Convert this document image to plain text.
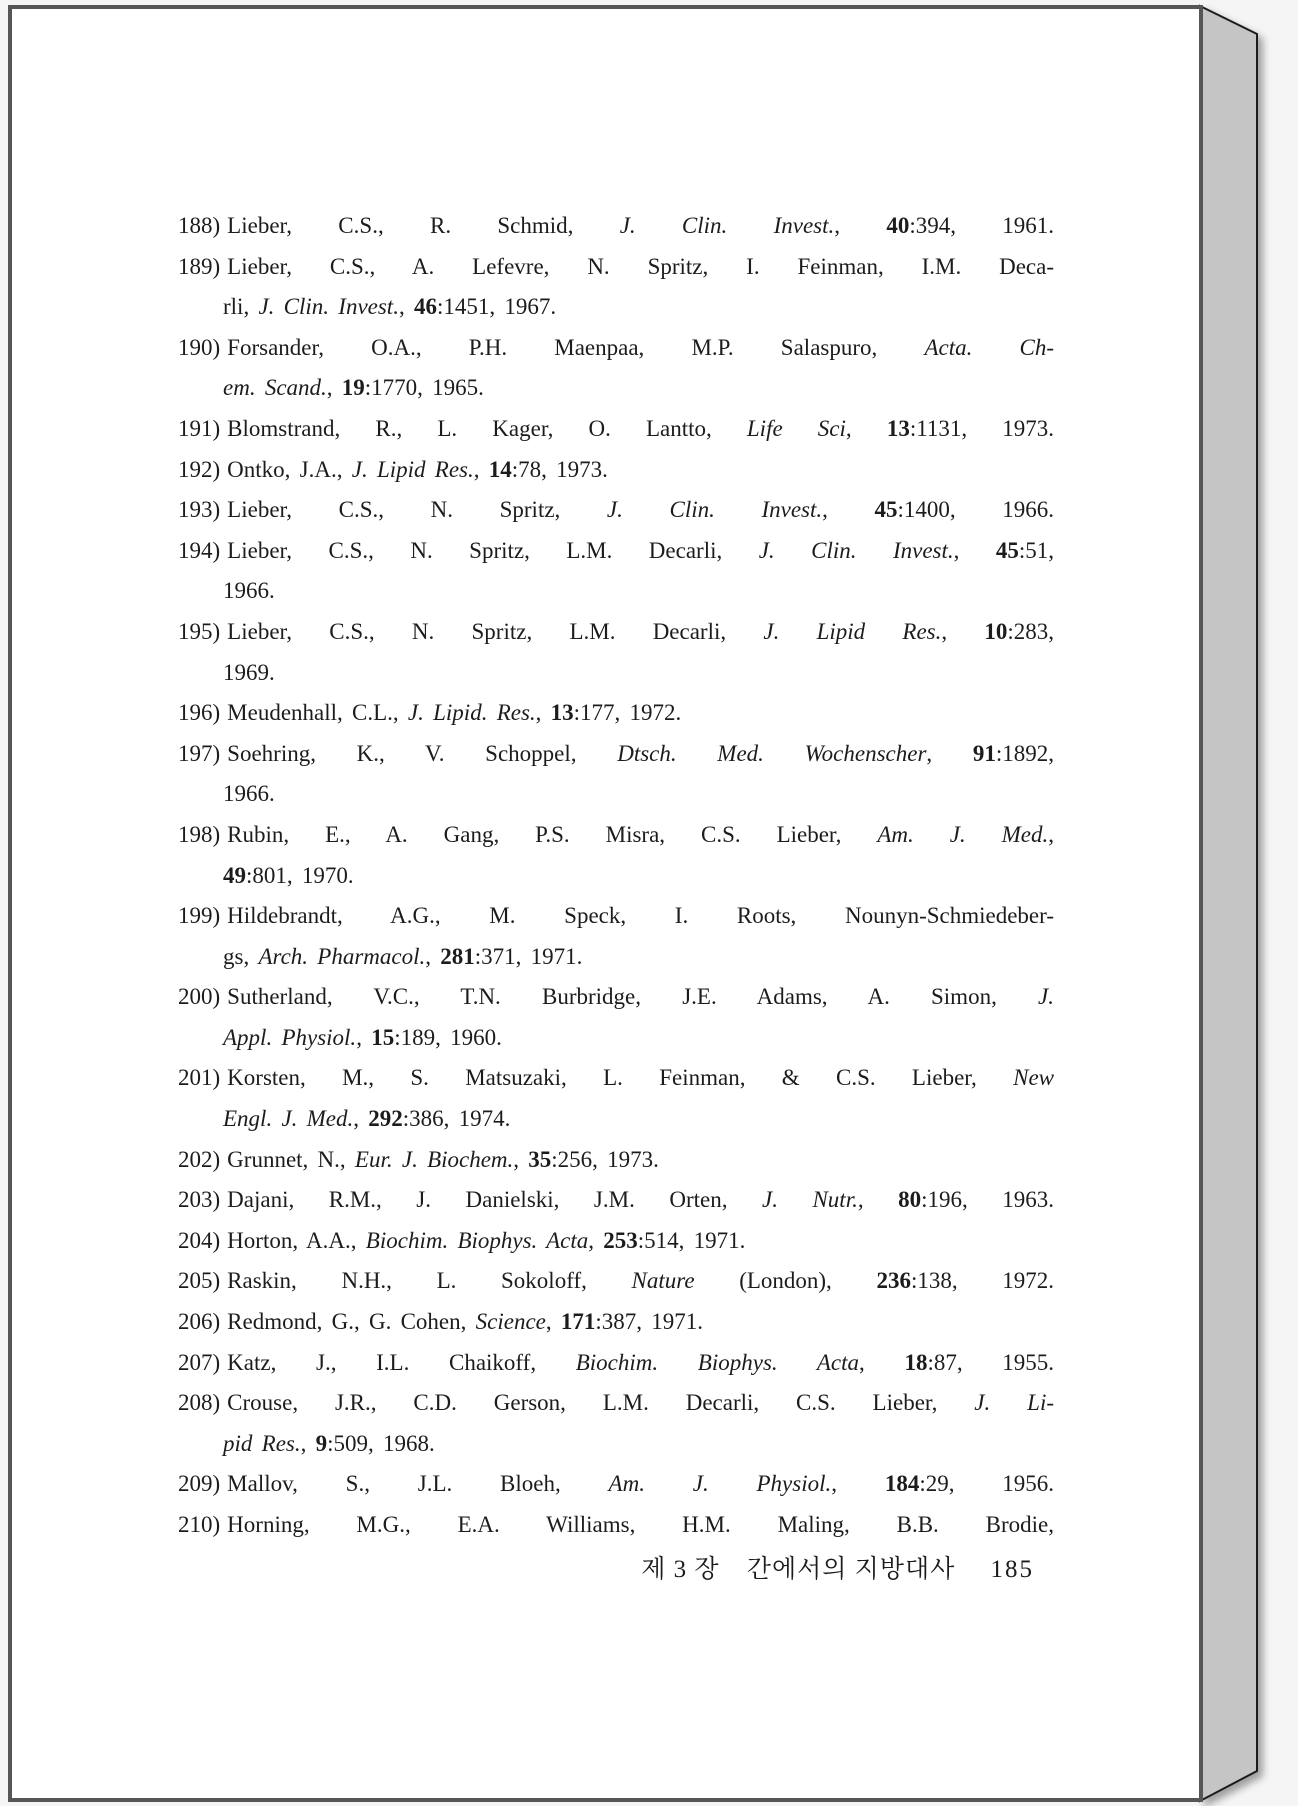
188) Lieber, C.S., R. Schmid, J. Clin. Invest., 40:394, 1961.
189) Lieber, C.S., A. Lefevre, N. Spritz, I. Feinman, I.M. Deca-
rli, J. Clin. Invest., 46:1451, 1967.
190) Forsander, O.A., P.H. Maenpaa, M.P. Salaspuro, Acta. Ch-
em. Scand., 19:1770, 1965.
191) Blomstrand, R., L. Kager, O. Lantto, Life Sci, 13:1131, 1973.
192) Ontko, J.A., J. Lipid Res., 14:78, 1973.
193) Lieber, C.S., N. Spritz, J. Clin. Invest., 45:1400, 1966.
194) Lieber, C.S., N. Spritz, L.M. Decarli, J. Clin. Invest., 45:51,
1966.
195) Lieber, C.S., N. Spritz, L.M. Decarli, J. Lipid Res., 10:283,
1969.
196) Meudenhall, C.L., J. Lipid. Res., 13:177, 1972.
197) Soehring, K., V. Schoppel, Dtsch. Med. Wochenscher, 91:1892,
1966.
198) Rubin, E., A. Gang, P.S. Misra, C.S. Lieber, Am. J. Med.,
49:801, 1970.
199) Hildebrandt, A.G., M. Speck, I. Roots, Nounyn-Schmiedeber-
gs, Arch. Pharmacol., 281:371, 1971.
200) Sutherland, V.C., T.N. Burbridge, J.E. Adams, A. Simon, J.
Appl. Physiol., 15:189, 1960.
201) Korsten, M., S. Matsuzaki, L. Feinman, & C.S. Lieber, New
Engl. J. Med., 292:386, 1974.
202) Grunnet, N., Eur. J. Biochem., 35:256, 1973.
203) Dajani, R.M., J. Danielski, J.M. Orten, J. Nutr., 80:196, 1963.
204) Horton, A.A., Biochim. Biophys. Acta, 253:514, 1971.
205) Raskin, N.H., L. Sokoloff, Nature (London), 236:138, 1972.
206) Redmond, G., G. Cohen, Science, 171:387, 1971.
207) Katz, J., I.L. Chaikoff, Biochim. Biophys. Acta, 18:87, 1955.
208) Crouse, J.R., C.D. Gerson, L.M. Decarli, C.S. Lieber, J. Li-
pid Res., 9:509, 1968.
209) Mallov, S., J.L. Bloeh, Am. J. Physiol., 184:29, 1956.
210) Horning, M.G., E.A. Williams, H.M. Maling, B.B. Brodie,
제 3 장 간에서의 지방대사 185
